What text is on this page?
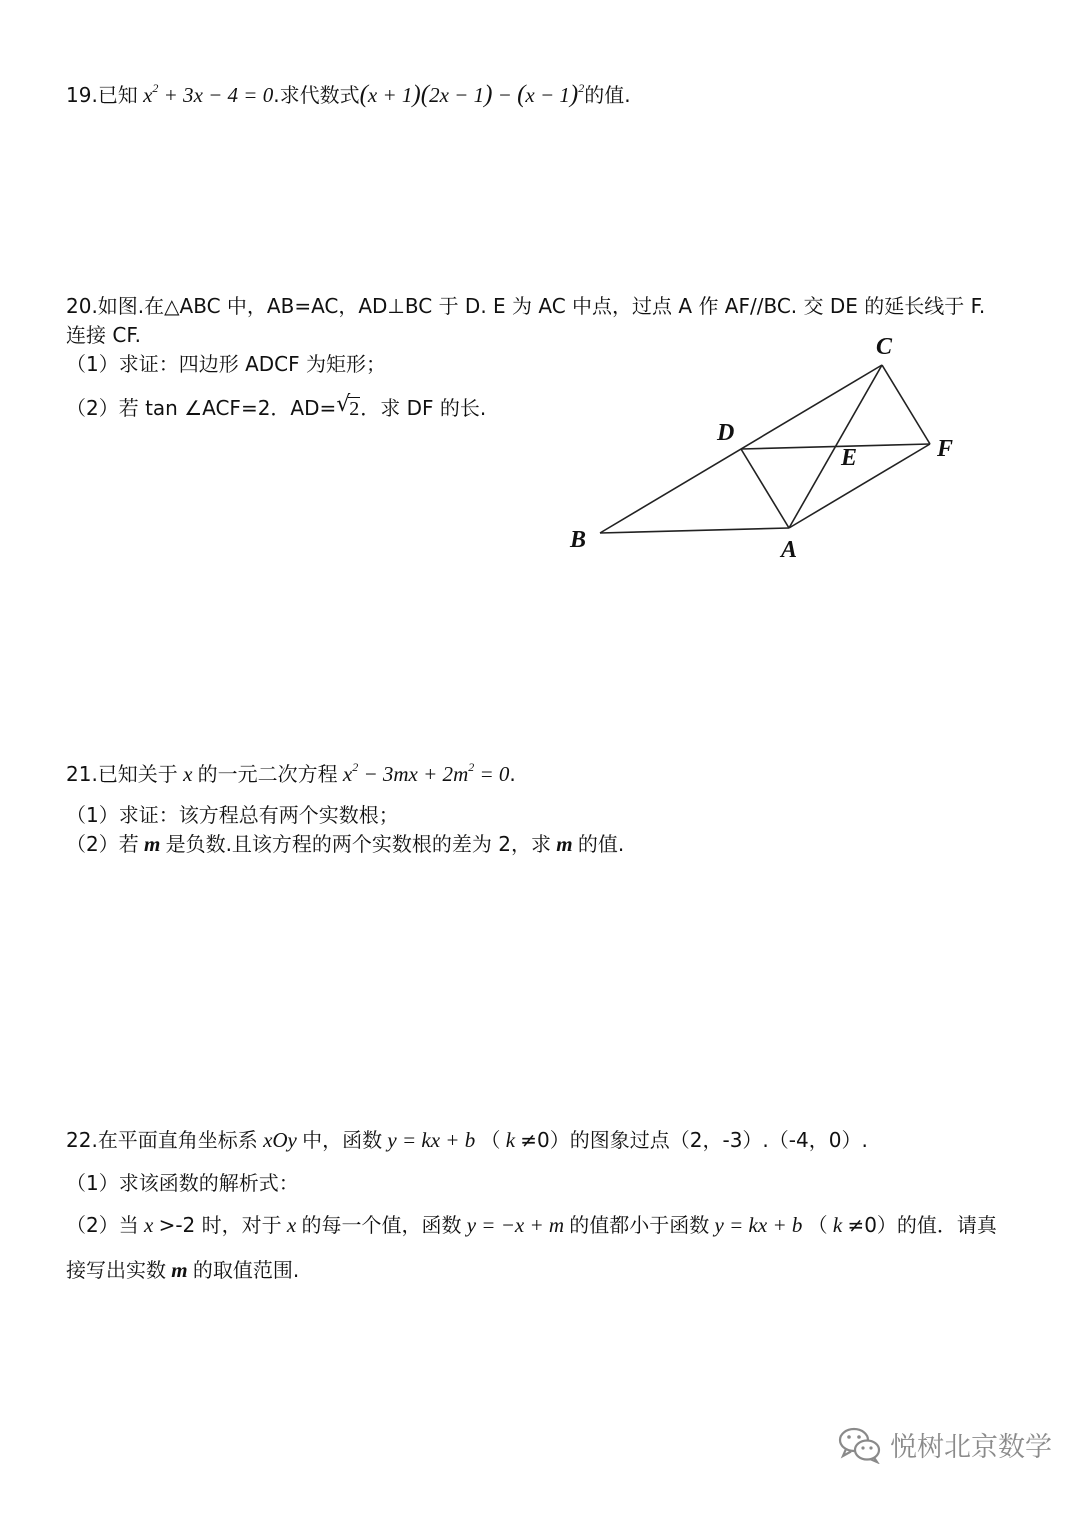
19.已知 $x^2 + 3x - 4 = 0$.求代数式$(x + 1)(2x - 1) - (x - 1)^2$的值.
20.如图.在△ABC 中，AB=AC，AD⊥BC 于 D. E 为 AC 中点，过点 A 作 AF//BC. 交 DE 的延长线于 F.
连接 CF.
（1）求证：四边形 ADCF 为矩形；
（2）若 tan ∠ACF=2．AD=√ 2．求 DF 的长.
C
D
E	F
B	A
21.已知关于 x 的一元二次方程 $x^2 - 3mx + 2m^2 = 0$.
（1）求证：该方程总有两个实数根；
（2）若 m 是负数.且该方程的两个实数根的差为 2，求 m 的值.
22.在平面直角坐标系 xOy 中，函数 y = kx + b （ k ≠0）的图象过点（2，-3）.（-4，0）.
（1）求该函数的解析式：
（2）当 x >-2 时，对于 x 的每一个值，函数 y = −x + m 的值都小于函数 y = kx + b （ k ≠0）的值．请真
接写出实数 m 的取值范围.
悦树北京数学
